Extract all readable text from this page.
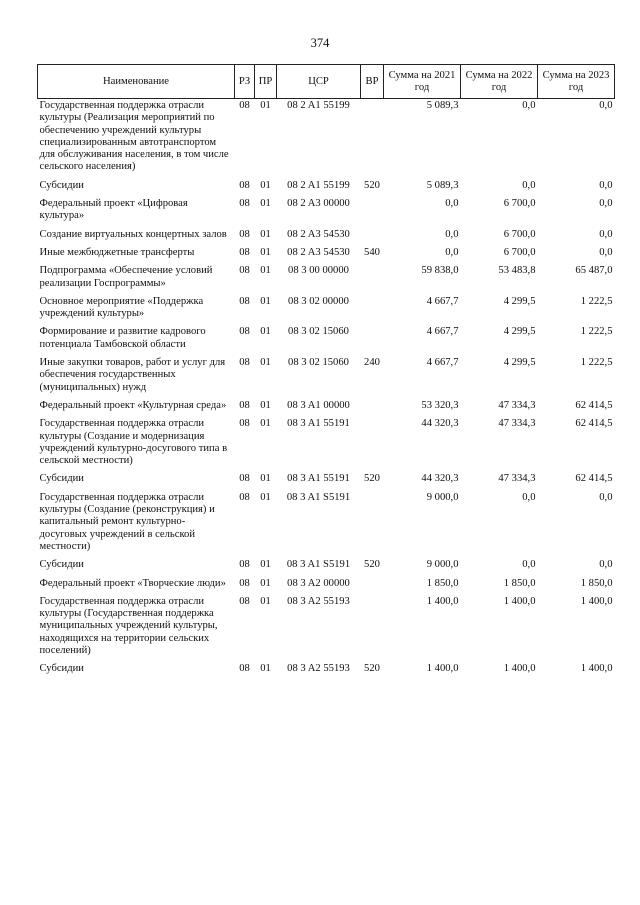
374
Наименование	РЗ	ПР	ЦСР	ВР	Сумма на 2021 год	Сумма на 2022 год	Сумма на 2023 год
Государственная поддержка отрасли культуры (Реализация мероприятий по обеспечению учреждений культуры специализированным автотранспортом для обслуживания населения, в том числе сельского населения)	08	01	08 2 A1 55199		5 089,3	0,0	0,0
Субсидии	08	01	08 2 A1 55199	520	5 089,3	0,0	0,0
Федеральный проект «Цифровая культура»	08	01	08 2 A3 00000		0,0	6 700,0	0,0
Создание виртуальных концертных залов	08	01	08 2 A3 54530		0,0	6 700,0	0,0
Иные межбюджетные трансферты	08	01	08 2 A3 54530	540	0,0	6 700,0	0,0
Подпрограмма «Обеспечение условий реализации Госпрограммы»	08	01	08 3 00 00000		59 838,0	53 483,8	65 487,0
Основное мероприятие «Поддержка учреждений культуры»	08	01	08 3 02 00000		4 667,7	4 299,5	1 222,5
Формирование и развитие кадрового потенциала Тамбовской области	08	01	08 3 02 15060		4 667,7	4 299,5	1 222,5
Иные закупки товаров, работ и услуг для обеспечения государственных (муниципальных) нужд	08	01	08 3 02 15060	240	4 667,7	4 299,5	1 222,5
Федеральный проект «Культурная среда»	08	01	08 3 A1 00000		53 320,3	47 334,3	62 414,5
Государственная поддержка отрасли культуры (Создание и модернизация учреждений культурно-досугового типа в сельской местности)	08	01	08 3 A1 55191		44 320,3	47 334,3	62 414,5
Субсидии	08	01	08 3 A1 55191	520	44 320,3	47 334,3	62 414,5
Государственная поддержка отрасли культуры (Создание (реконструкция) и капитальный ремонт культурно-досуговых учреждений в сельской местности)	08	01	08 3 A1 S5191		9 000,0	0,0	0,0
Субсидии	08	01	08 3 A1 S5191	520	9 000,0	0,0	0,0
Федеральный проект «Творческие люди»	08	01	08 3 A2 00000		1 850,0	1 850,0	1 850,0
Государственная поддержка отрасли культуры (Государственная поддержка муниципальных учреждений культуры, находящихся на территории сельских поселений)	08	01	08 3 A2 55193		1 400,0	1 400,0	1 400,0
Субсидии	08	01	08 3 A2 55193	520	1 400,0	1 400,0	1 400,0
